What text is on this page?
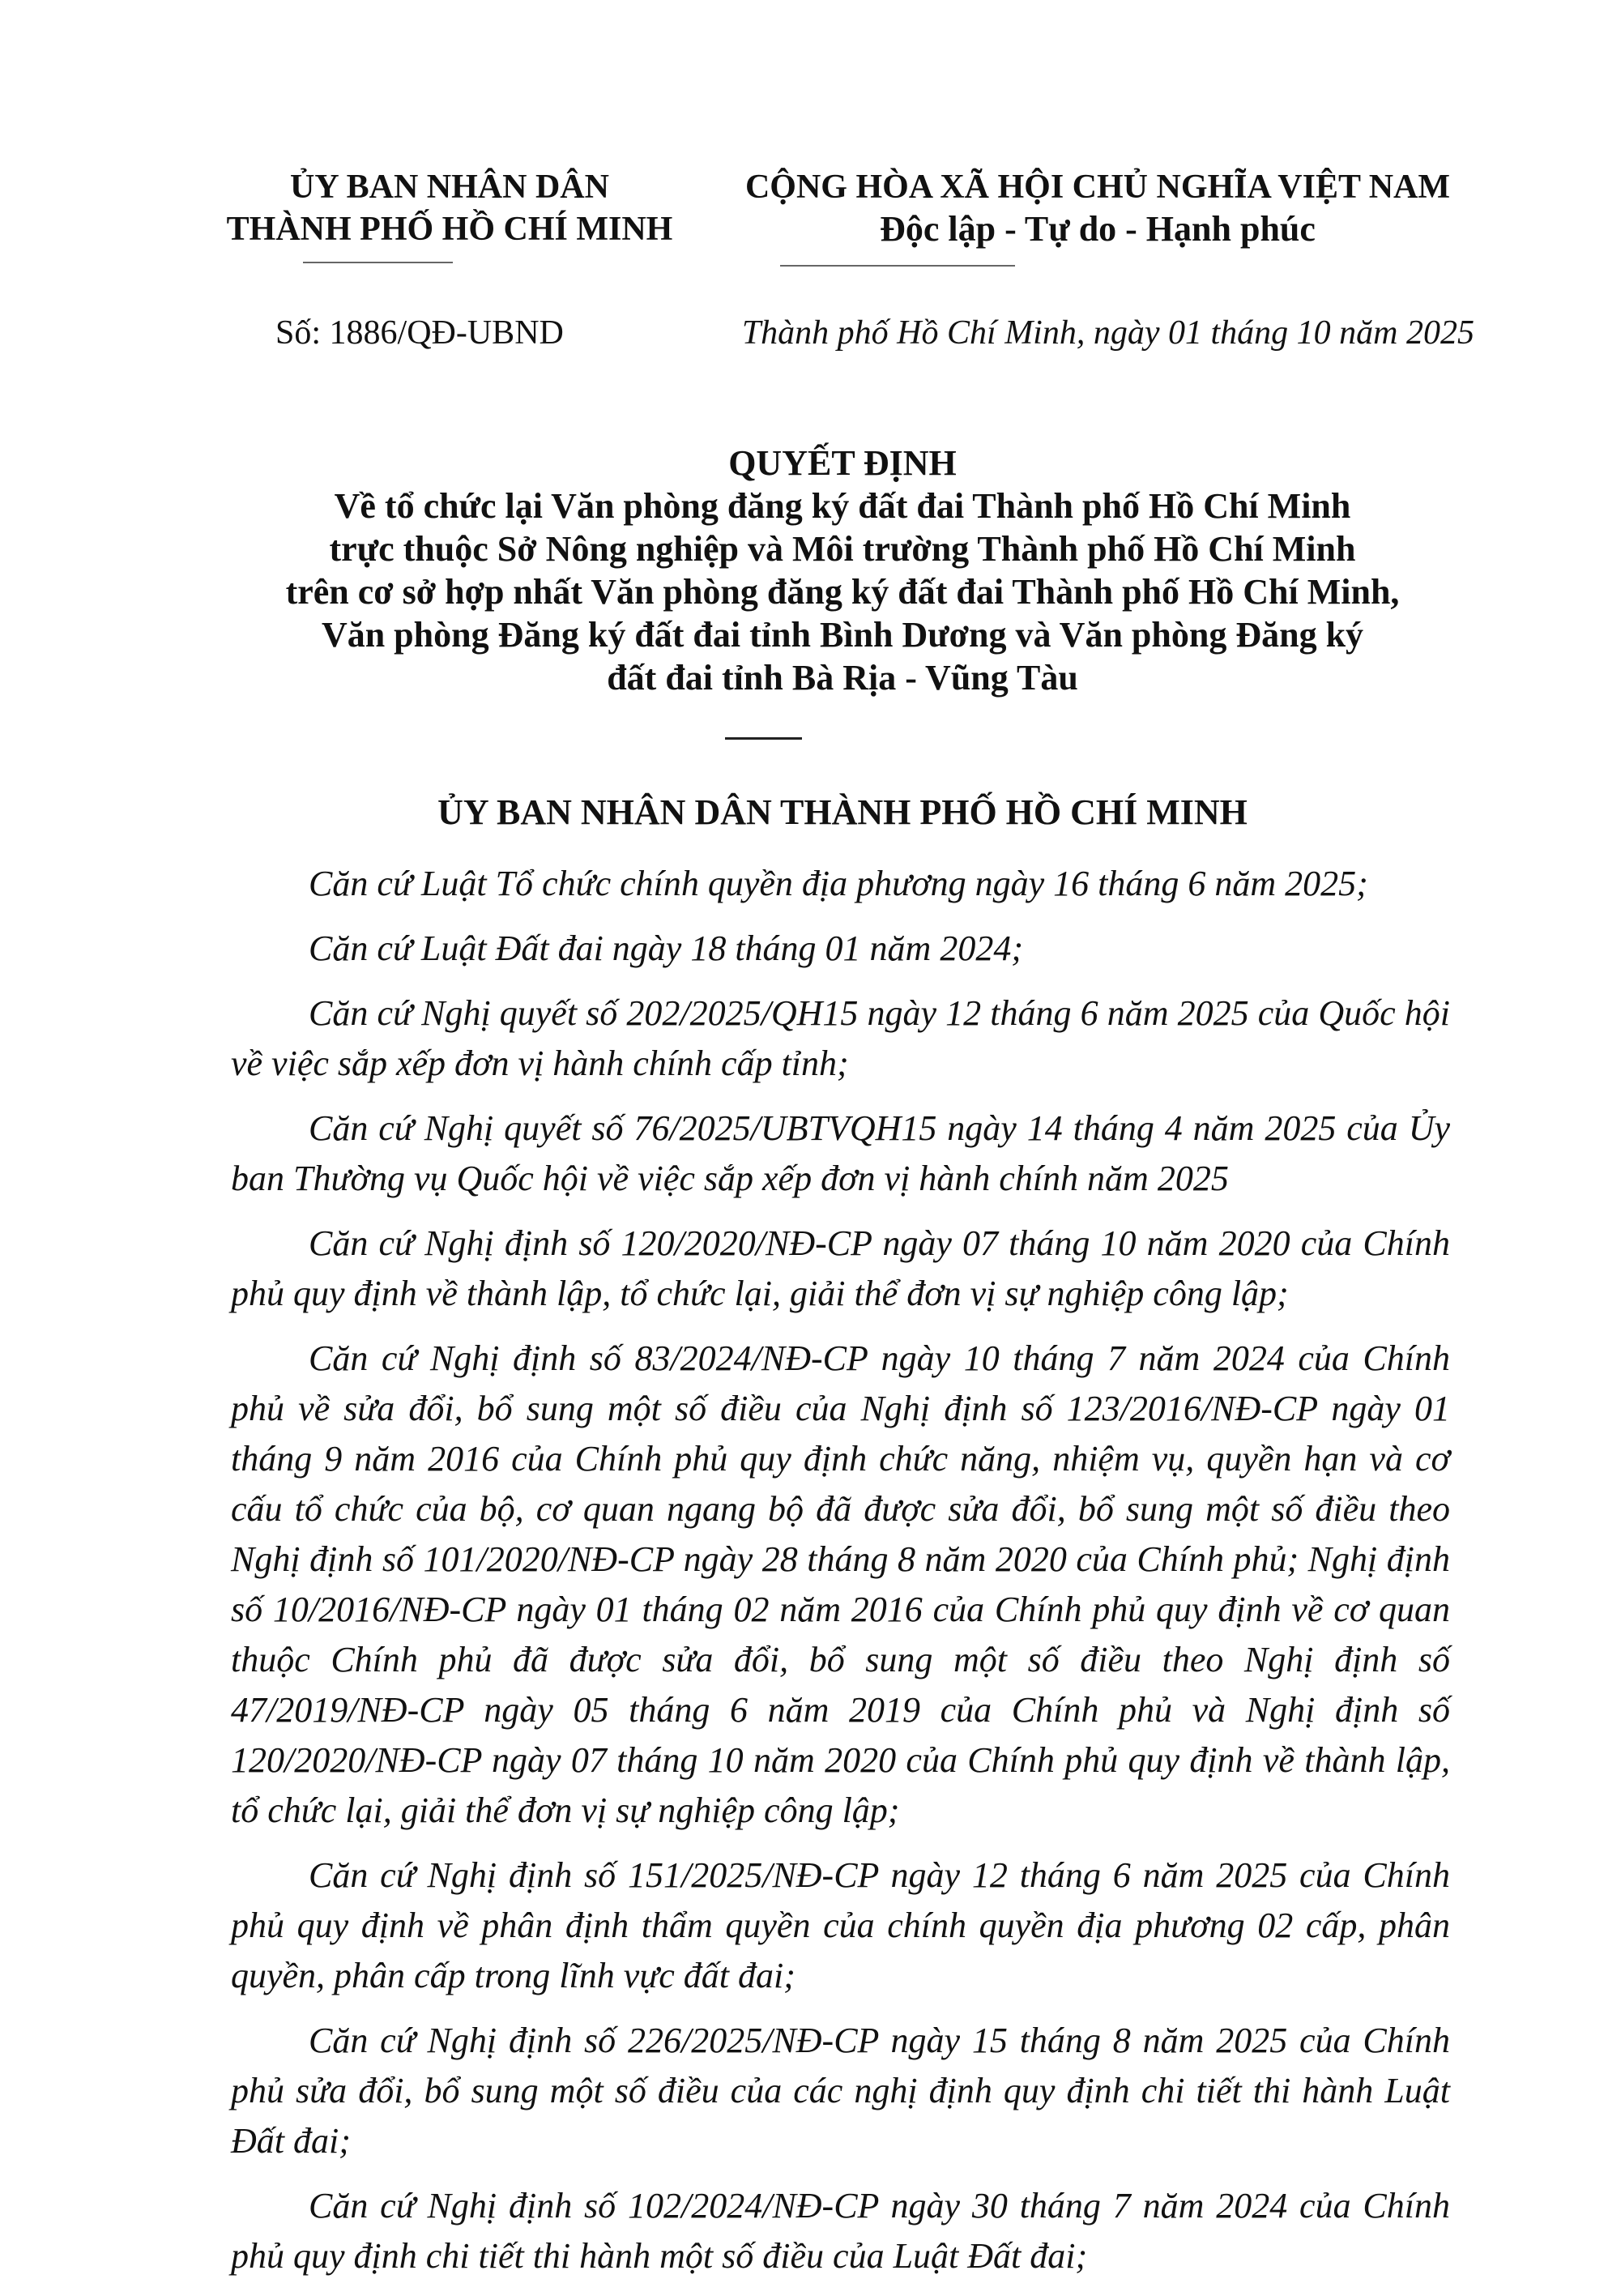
ỦY BAN NHÂN DÂN
THÀNH PHỐ HỒ CHÍ MINH
CỘNG HÒA XÃ HỘI CHỦ NGHĨA VIỆT NAM
Độc lập - Tự do - Hạnh phúc
Số: 1886/QĐ-UBND	Thành phố Hồ Chí Minh, ngày 01 tháng 10 năm 2025
QUYẾT ĐỊNH
Về tổ chức lại Văn phòng đăng ký đất đai Thành phố Hồ Chí Minh
trực thuộc Sở Nông nghiệp và Môi trường Thành phố Hồ Chí Minh
trên cơ sở hợp nhất Văn phòng đăng ký đất đai Thành phố Hồ Chí Minh,
Văn phòng Đăng ký đất đai tỉnh Bình Dương và Văn phòng Đăng ký
đất đai tỉnh Bà Rịa - Vũng Tàu
ỦY BAN NHÂN DÂN THÀNH PHỐ HỒ CHÍ MINH

Căn cứ Luật Tổ chức chính quyền địa phương ngày 16 tháng 6 năm 2025;

Căn cứ Luật Đất đai ngày 18 tháng 01 năm 2024;

Căn cứ Nghị quyết số 202/2025/QH15 ngày 12 tháng 6 năm 2025 của Quốc hội về việc sắp xếp đơn vị hành chính cấp tỉnh;

Căn cứ Nghị quyết số 76/2025/UBTVQH15 ngày 14 tháng 4 năm 2025 của Ủy ban Thường vụ Quốc hội về việc sắp xếp đơn vị hành chính năm 2025

Căn cứ Nghị định số 120/2020/NĐ-CP ngày 07 tháng 10 năm 2020 của Chính phủ quy định về thành lập, tổ chức lại, giải thể đơn vị sự nghiệp công lập;

Căn cứ Nghị định số 83/2024/NĐ-CP ngày 10 tháng 7 năm 2024 của Chính phủ về sửa đổi, bổ sung một số điều của Nghị định số 123/2016/NĐ-CP ngày 01 tháng 9 năm 2016 của Chính phủ quy định chức năng, nhiệm vụ, quyền hạn và cơ cấu tổ chức của bộ, cơ quan ngang bộ đã được sửa đổi, bổ sung một số điều theo Nghị định số 101/2020/NĐ-CP ngày 28 tháng 8 năm 2020 của Chính phủ; Nghị định số 10/2016/NĐ-CP ngày 01 tháng 02 năm 2016 của Chính phủ quy định về cơ quan thuộc Chính phủ đã được sửa đổi, bổ sung một số điều theo Nghị định số 47/2019/NĐ-CP ngày 05 tháng 6 năm 2019 của Chính phủ và Nghị định số 120/2020/NĐ-CP ngày 07 tháng 10 năm 2020 của Chính phủ quy định về thành lập, tổ chức lại, giải thể đơn vị sự nghiệp công lập;

Căn cứ Nghị định số 151/2025/NĐ-CP ngày 12 tháng 6 năm 2025 của Chính phủ quy định về phân định thẩm quyền của chính quyền địa phương 02 cấp, phân quyền, phân cấp trong lĩnh vực đất đai;

Căn cứ Nghị định số 226/2025/NĐ-CP ngày 15 tháng 8 năm 2025 của Chính phủ sửa đổi, bổ sung một số điều của các nghị định quy định chi tiết thi hành Luật Đất đai;

Căn cứ Nghị định số 102/2024/NĐ-CP ngày 30 tháng 7 năm 2024 của Chính phủ quy định chi tiết thi hành một số điều của Luật Đất đai;
